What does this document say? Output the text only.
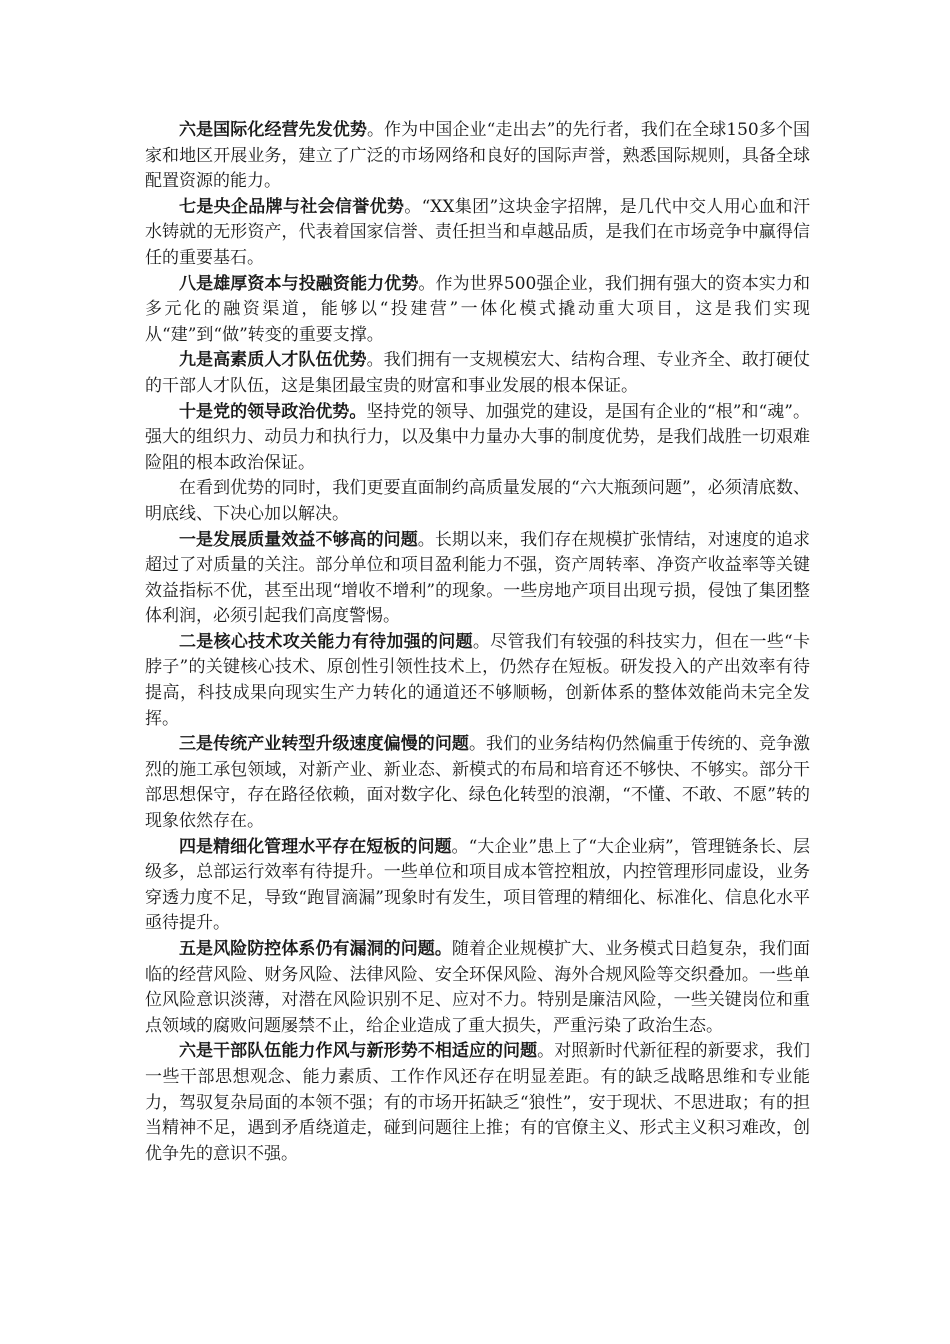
六是国际化经营先发优势。作为中国企业“走出去”的先行者，我们在全球150多个国家和地区开展业务，建立了广泛的市场网络和良好的国际声誉，熟悉国际规则，具备全球配置资源的能力。

七是央企品牌与社会信誉优势。“XX集团”这块金字招牌，是几代中交人用心血和汗水铸就的无形资产，代表着国家信誉、责任担当和卓越品质，是我们在市场竞争中赢得信任的重要基石。

八是雄厚资本与投融资能力优势。作为世界500强企业，我们拥有强大的资本实力和多元化的融资渠道，能够以“投建营”一体化模式撬动重大项目，这是我们实现从“建”到“做”转变的重要支撑。

九是高素质人才队伍优势。我们拥有一支规模宏大、结构合理、专业齐全、敢打硬仗的干部人才队伍，这是集团最宝贵的财富和事业发展的根本保证。

十是党的领导政治优势。坚持党的领导、加强党的建设，是国有企业的“根”和“魂”。强大的组织力、动员力和执行力，以及集中力量办大事的制度优势，是我们战胜一切艰难险阻的根本政治保证。

在看到优势的同时，我们更要直面制约高质量发展的“六大瓶颈问题”，必须清底数、明底线、下决心加以解决。

一是发展质量效益不够高的问题。长期以来，我们存在规模扩张情结，对速度的追求超过了对质量的关注。部分单位和项目盈利能力不强，资产周转率、净资产收益率等关键效益指标不优，甚至出现“增收不增利”的现象。一些房地产项目出现亏损，侵蚀了集团整体利润，必须引起我们高度警惕。

二是核心技术攻关能力有待加强的问题。尽管我们有较强的科技实力，但在一些“卡脖子”的关键核心技术、原创性引领性技术上，仍然存在短板。研发投入的产出效率有待提高，科技成果向现实生产力转化的通道还不够顺畅，创新体系的整体效能尚未完全发挥。

三是传统产业转型升级速度偏慢的问题。我们的业务结构仍然偏重于传统的、竞争激烈的施工承包领域，对新产业、新业态、新模式的布局和培育还不够快、不够实。部分干部思想保守，存在路径依赖，面对数字化、绿色化转型的浪潮，“不懂、不敢、不愿”转的现象依然存在。

四是精细化管理水平存在短板的问题。“大企业”患上了“大企业病”，管理链条长、层级多，总部运行效率有待提升。一些单位和项目成本管控粗放，内控管理形同虚设，业务穿透力度不足，导致“跑冒滴漏”现象时有发生，项目管理的精细化、标准化、信息化水平亟待提升。

五是风险防控体系仍有漏洞的问题。随着企业规模扩大、业务模式日趋复杂，我们面临的经营风险、财务风险、法律风险、安全环保风险、海外合规风险等交织叠加。一些单位风险意识淡薄，对潜在风险识别不足、应对不力。特别是廉洁风险，一些关键岗位和重点领域的腐败问题屡禁不止，给企业造成了重大损失，严重污染了政治生态。

六是干部队伍能力作风与新形势不相适应的问题。对照新时代新征程的新要求，我们一些干部思想观念、能力素质、工作作风还存在明显差距。有的缺乏战略思维和专业能力，驾驭复杂局面的本领不强；有的市场开拓缺乏“狼性”，安于现状、不思进取；有的担当精神不足，遇到矛盾绕道走，碰到问题往上推；有的官僚主义、形式主义积习难改，创优争先的意识不强。
